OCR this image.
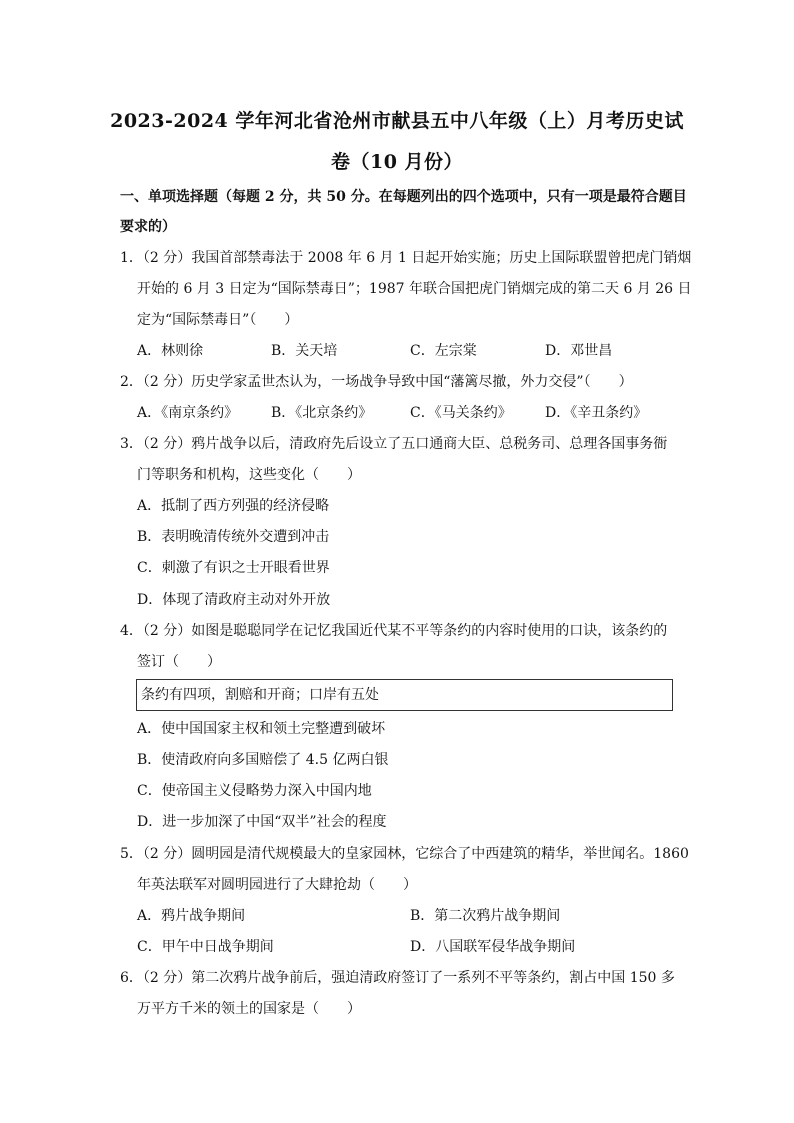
2023-2024 学年河北省沧州市献县五中八年级（上）月考历史试
卷（10 月份）
一、单项选择题（每题 2 分，共 50 分。在每题列出的四个选项中，只有一项是最符合题目
要求的）
1．（2 分）我国首部禁毒法于 2008 年 6 月 1 日起开始实施；历史上国际联盟曾把虎门销烟
开始的 6 月 3 日定为“国际禁毒日”；1987 年联合国把虎门销烟完成的第二天 6 月 26 日
定为“国际禁毒日”（　　）
A．林则徐	B．关天培	C．左宗棠	D．邓世昌
2．（2 分）历史学家孟世杰认为，一场战争导致中国“藩篱尽撤，外力交侵”（　　）
A．《南京条约》 B．《北京条约》	C．《马关条约》 D．《辛丑条约》
3．（2 分）鸦片战争以后，清政府先后设立了五口通商大臣、总税务司、总理各国事务衙
门等职务和机构，这些变化（　　）
A．抵制了西方列强的经济侵略
B．表明晚清传统外交遭到冲击
C．刺激了有识之士开眼看世界
D．体现了清政府主动对外开放
4．（2 分）如图是聪聪同学在记忆我国近代某不平等条约的内容时使用的口诀，该条约的
签订（　　）
条约有四项，割赔和开商；口岸有五处
A．使中国国家主权和领土完整遭到破坏
B．使清政府向多国赔偿了 4.5 亿两白银
C．使帝国主义侵略势力深入中国内地
D．进一步加深了中国“双半”社会的程度
5．（2 分）圆明园是清代规模最大的皇家园林，它综合了中西建筑的精华，举世闻名。1860
年英法联军对圆明园进行了大肆抢劫（　　）
A．鸦片战争期间	B．第二次鸦片战争期间
C．甲午中日战争期间	D．八国联军侵华战争期间
6．（2 分）第二次鸦片战争前后，强迫清政府签订了一系列不平等条约，割占中国 150 多
万平方千米的领土的国家是（　　）
